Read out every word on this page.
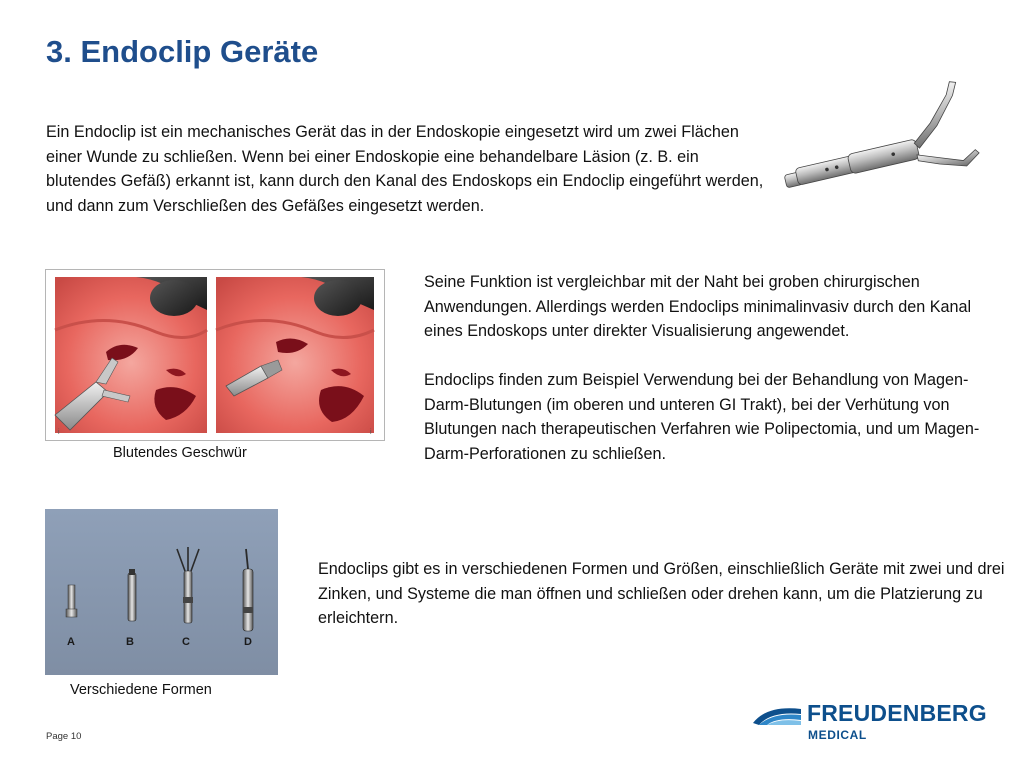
3. Endoclip Geräte

Ein Endoclip ist ein mechanisches Gerät das in der Endoskopie eingesetzt wird um zwei Flächen einer Wunde zu schließen. Wenn bei einer Endoskopie eine behandelbare Läsion (z. B. ein blutendes Gefäß) erkannt ist, kann durch den Kanal des Endoskops ein Endoclip eingeführt werden, und dann zum Verschließen des Gefäßes eingesetzt werden.

i	i
Blutendes Geschwür

Seine Funktion ist vergleichbar mit der Naht bei groben chirurgischen Anwendungen. Allerdings werden Endoclips minimalinvasiv durch den Kanal eines Endoskops unter direkter Visualisierung angewendet.

Endoclips finden zum Beispiel Verwendung bei der Behandlung von Magen-Darm-Blutungen (im oberen und unteren GI Trakt), bei der Verhütung von Blutungen nach therapeutischen Verfahren wie Polipectomia, und um Magen-Darm-Perforationen zu schließen.

A	B	C	D
Verschiedene Formen

Endoclips gibt es in verschiedenen Formen und Größen, einschließlich Geräte mit zwei und drei Zinken, und Systeme die man öffnen und schließen oder drehen kann, um die Platzierung zu erleichtern.

Page 10
FREUDENBERG
MEDICAL
